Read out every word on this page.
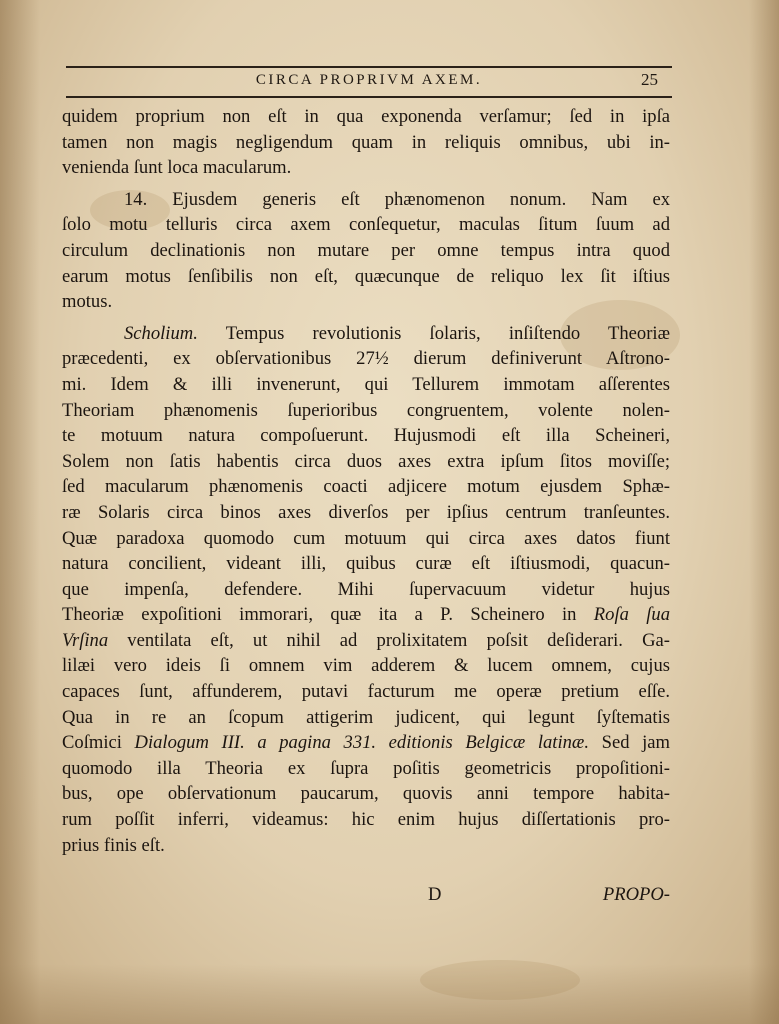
CIRCA PROPRIVM AXEM.	25
quidem proprium non eſt in qua exponenda verſamur; ſed in ipſa
tamen non magis negligendum quam in reliquis omnibus, ubi in-
venienda ſunt loca macularum.
14. Ejusdem generis eſt phænomenon nonum. Nam ex
ſolo motu telluris circa axem conſequetur, maculas ſitum ſuum ad
circulum declinationis non mutare per omne tempus intra quod
earum motus ſenſibilis non eſt, quæcunque de reliquo lex ſit iſtius
motus.
Scholium. Tempus revolutionis ſolaris, inſiſtendo Theoriæ
præcedenti, ex obſervationibus 27½ dierum definiverunt Aſtrono-
mi. Idem & illi invenerunt, qui Tellurem immotam aſſerentes
Theoriam phænomenis ſuperioribus congruentem, volente nolen-
te motuum natura compoſuerunt. Hujusmodi eſt illa Scheineri,
Solem non ſatis habentis circa duos axes extra ipſum ſitos moviſſe;
ſed macularum phænomenis coacti adjicere motum ejusdem Sphæ-
ræ Solaris circa binos axes diverſos per ipſius centrum tranſeuntes.
Quæ paradoxa quomodo cum motuum qui circa axes datos fiunt
natura concilient, videant illi, quibus curæ eſt iſtiusmodi, quacun-
que impenſa, defendere. Mihi ſupervacuum videtur hujus
Theoriæ expoſitioni immorari, quæ ita a P. Scheinero in Roſa ſua
Vrſina ventilata eſt, ut nihil ad prolixitatem poſsit deſiderari. Ga-
lilæi vero ideis ſi omnem vim adderem & lucem omnem, cujus
capaces ſunt, affunderem, putavi facturum me operæ pretium eſſe.
Qua in re an ſcopum attigerim judicent, qui legunt ſyſtematis
Coſmici Dialogum III. a pagina 331. editionis Belgicæ latinæ. Sed jam
quomodo illa Theoria ex ſupra poſitis geometricis propoſitioni-
bus, ope obſervationum paucarum, quovis anni tempore habita-
rum poſſit inferri, videamus: hic enim hujus diſſertationis pro-
prius finis eſt.
D	PROPO-
